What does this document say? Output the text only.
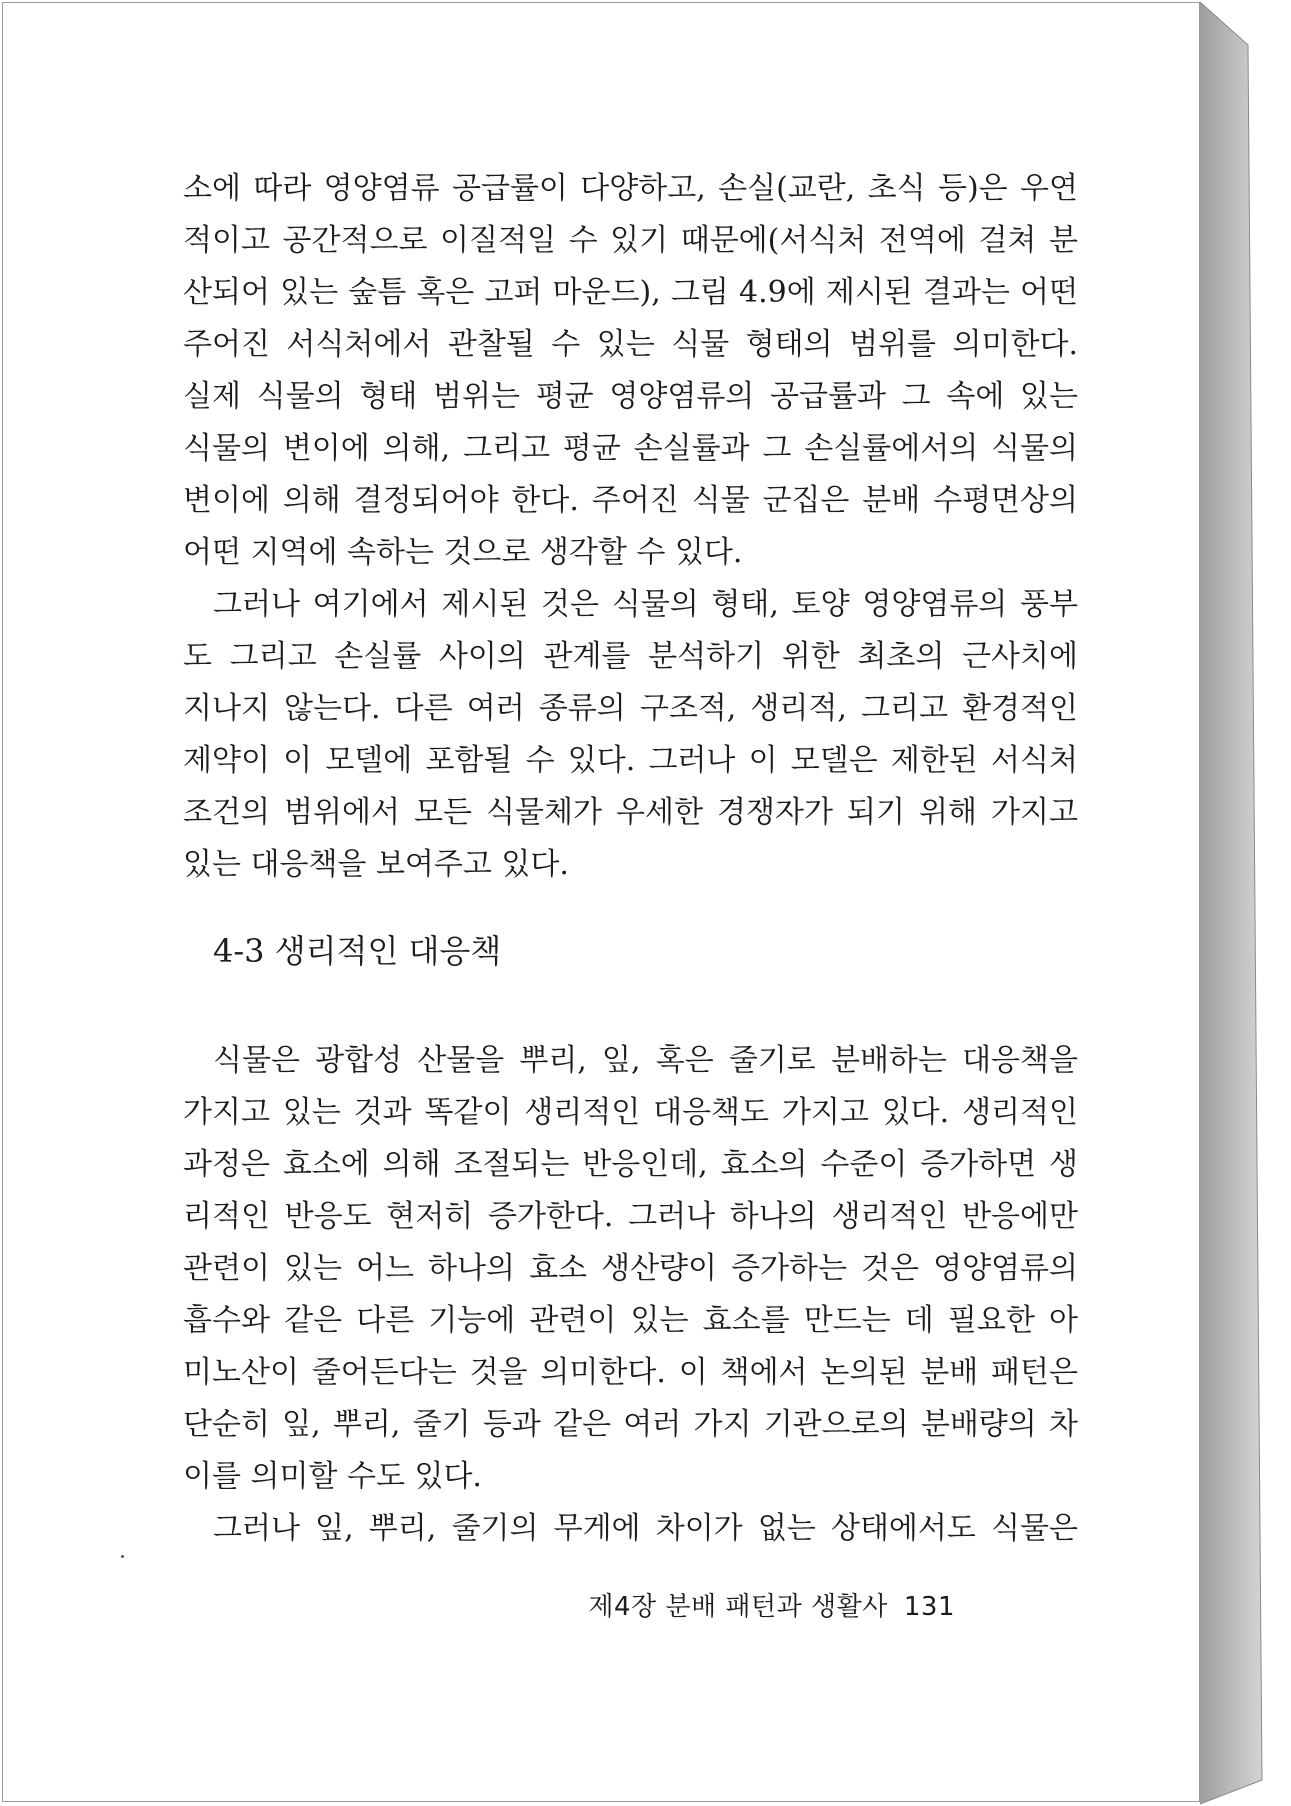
소에 따라 영양염류 공급률이 다양하고, 손실(교란, 초식 등)은 우연
적이고 공간적으로 이질적일 수 있기 때문에(서식처 전역에 걸쳐 분
산되어 있는 숲틈 혹은 고퍼 마운드), 그림 4.9에 제시된 결과는 어떤
주어진 서식처에서 관찰될 수 있는 식물 형태의 범위를 의미한다.
실제 식물의 형태 범위는 평균 영양염류의 공급률과 그 속에 있는
식물의 변이에 의해, 그리고 평균 손실률과 그 손실률에서의 식물의
변이에 의해 결정되어야 한다. 주어진 식물 군집은 분배 수평면상의
어떤 지역에 속하는 것으로 생각할 수 있다.

그러나 여기에서 제시된 것은 식물의 형태, 토양 영양염류의 풍부
도 그리고 손실률 사이의 관계를 분석하기 위한 최초의 근사치에
지나지 않는다. 다른 여러 종류의 구조적, 생리적, 그리고 환경적인
제약이 이 모델에 포함될 수 있다. 그러나 이 모델은 제한된 서식처
조건의 범위에서 모든 식물체가 우세한 경쟁자가 되기 위해 가지고
있는 대응책을 보여주고 있다.

4-3 생리적인 대응책

식물은 광합성 산물을 뿌리, 잎, 혹은 줄기로 분배하는 대응책을
가지고 있는 것과 똑같이 생리적인 대응책도 가지고 있다. 생리적인
과정은 효소에 의해 조절되는 반응인데, 효소의 수준이 증가하면 생
리적인 반응도 현저히 증가한다. 그러나 하나의 생리적인 반응에만
관련이 있는 어느 하나의 효소 생산량이 증가하는 것은 영양염류의
흡수와 같은 다른 기능에 관련이 있는 효소를 만드는 데 필요한 아
미노산이 줄어든다는 것을 의미한다. 이 책에서 논의된 분배 패턴은
단순히 잎, 뿌리, 줄기 등과 같은 여러 가지 기관으로의 분배량의 차
이를 의미할 수도 있다.

그러나 잎, 뿌리, 줄기의 무게에 차이가 없는 상태에서도 식물은

제4장 분배 패턴과 생활사 131
